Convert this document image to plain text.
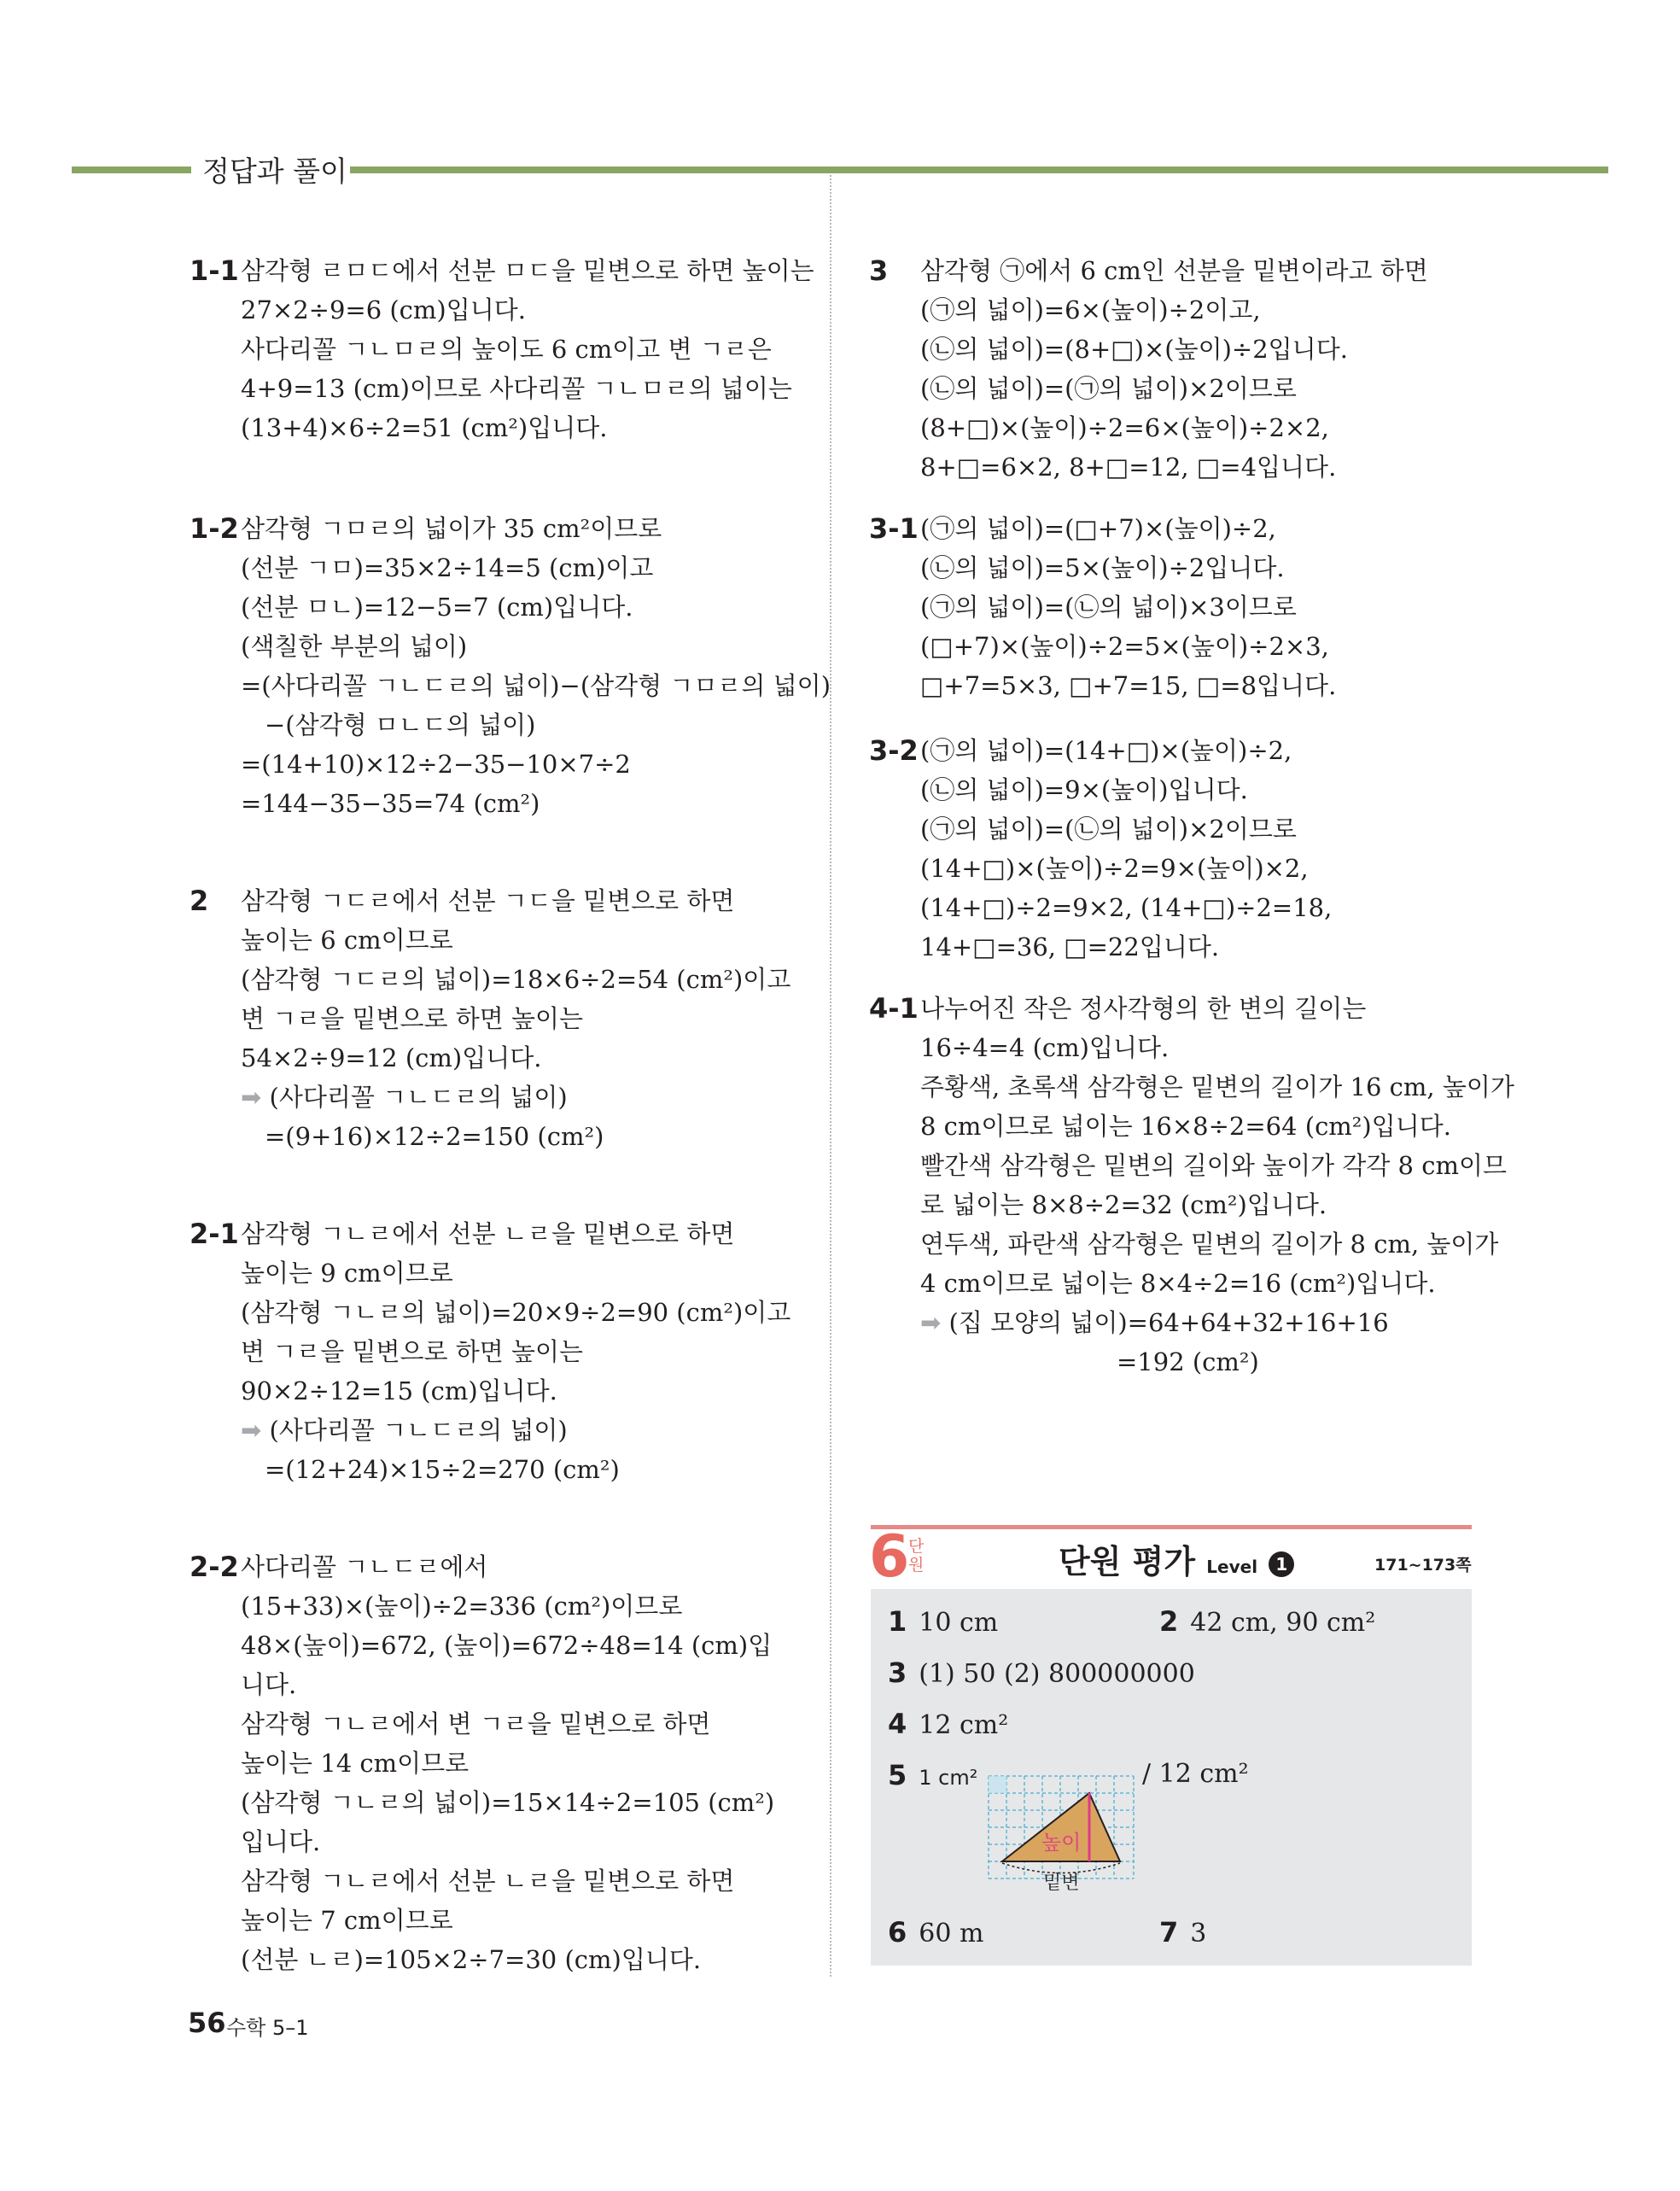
정답과 풀이
1-1 삼각형 ㄹㅁㄷ에서 선분 ㅁㄷ을 밑변으로 하면 높이는
27×2÷9=6 (cm)입니다.
사다리꼴 ㄱㄴㅁㄹ의 높이도 6 cm이고 변 ㄱㄹ은
4+9=13 (cm)이므로 사다리꼴 ㄱㄴㅁㄹ의 넓이는
(13+4)×6÷2=51 (cm²)입니다.
1-2 삼각형 ㄱㅁㄹ의 넓이가 35 cm²이므로
(선분 ㄱㅁ)=35×2÷14=5 (cm)이고
(선분 ㅁㄴ)=12−5=7 (cm)입니다.
(색칠한 부분의 넓이)
=(사다리꼴 ㄱㄴㄷㄹ의 넓이)−(삼각형 ㄱㅁㄹ의 넓이)
−(삼각형 ㅁㄴㄷ의 넓이)
=(14+10)×12÷2−35−10×7÷2
=144−35−35=74 (cm²)
2 삼각형 ㄱㄷㄹ에서 선분 ㄱㄷ을 밑변으로 하면
높이는 6 cm이므로
(삼각형 ㄱㄷㄹ의 넓이)=18×6÷2=54 (cm²)이고
변 ㄱㄹ을 밑변으로 하면 높이는
54×2÷9=12 (cm)입니다.
➡ (사다리꼴 ㄱㄴㄷㄹ의 넓이)
=(9+16)×12÷2=150 (cm²)
2-1 삼각형 ㄱㄴㄹ에서 선분 ㄴㄹ을 밑변으로 하면
높이는 9 cm이므로
(삼각형 ㄱㄴㄹ의 넓이)=20×9÷2=90 (cm²)이고
변 ㄱㄹ을 밑변으로 하면 높이는
90×2÷12=15 (cm)입니다.
➡ (사다리꼴 ㄱㄴㄷㄹ의 넓이)
=(12+24)×15÷2=270 (cm²)
2-2 사다리꼴 ㄱㄴㄷㄹ에서
(15+33)×(높이)÷2=336 (cm²)이므로
48×(높이)=672, (높이)=672÷48=14 (cm)입
니다.
삼각형 ㄱㄴㄹ에서 변 ㄱㄹ을 밑변으로 하면
높이는 14 cm이므로
(삼각형 ㄱㄴㄹ의 넓이)=15×14÷2=105 (cm²)
입니다.
삼각형 ㄱㄴㄹ에서 선분 ㄴㄹ을 밑변으로 하면
높이는 7 cm이므로
(선분 ㄴㄹ)=105×2÷7=30 (cm)입니다.
3 삼각형 ㉠에서 6 cm인 선분을 밑변이라고 하면
(㉠의 넓이)=6×(높이)÷2이고,
(㉡의 넓이)=(8+□)×(높이)÷2입니다.
(㉡의 넓이)=(㉠의 넓이)×2이므로
(8+□)×(높이)÷2=6×(높이)÷2×2,
8+□=6×2, 8+□=12, □=4입니다.
3-1 (㉠의 넓이)=(□+7)×(높이)÷2,
(㉡의 넓이)=5×(높이)÷2입니다.
(㉠의 넓이)=(㉡의 넓이)×3이므로
(□+7)×(높이)÷2=5×(높이)÷2×3,
□+7=5×3, □+7=15, □=8입니다.
3-2 (㉠의 넓이)=(14+□)×(높이)÷2,
(㉡의 넓이)=9×(높이)입니다.
(㉠의 넓이)=(㉡의 넓이)×2이므로
(14+□)×(높이)÷2=9×(높이)×2,
(14+□)÷2=9×2, (14+□)÷2=18,
14+□=36, □=22입니다.
4-1 나누어진 작은 정사각형의 한 변의 길이는
16÷4=4 (cm)입니다.
주황색, 초록색 삼각형은 밑변의 길이가 16 cm, 높이가
8 cm이므로 넓이는 16×8÷2=64 (cm²)입니다.
빨간색 삼각형은 밑변의 길이와 높이가 각각 8 cm이므
로 넓이는 8×8÷2=32 (cm²)입니다.
연두색, 파란색 삼각형은 밑변의 길이가 8 cm, 높이가
4 cm이므로 넓이는 8×4÷2=16 (cm²)입니다.
➡ (집 모양의 넓이)=64+64+32+16+16
=192 (cm²)
6
단원	단원 평가 Level 1	171~173쪽
1 10 cm	2 42 cm, 90 cm²
3 (1) 50 (2) 800000000
4 12 cm²
5 1 cm²	/ 12 cm²
높이
밑변
6 60 m	7 3
56 수학 5–1
